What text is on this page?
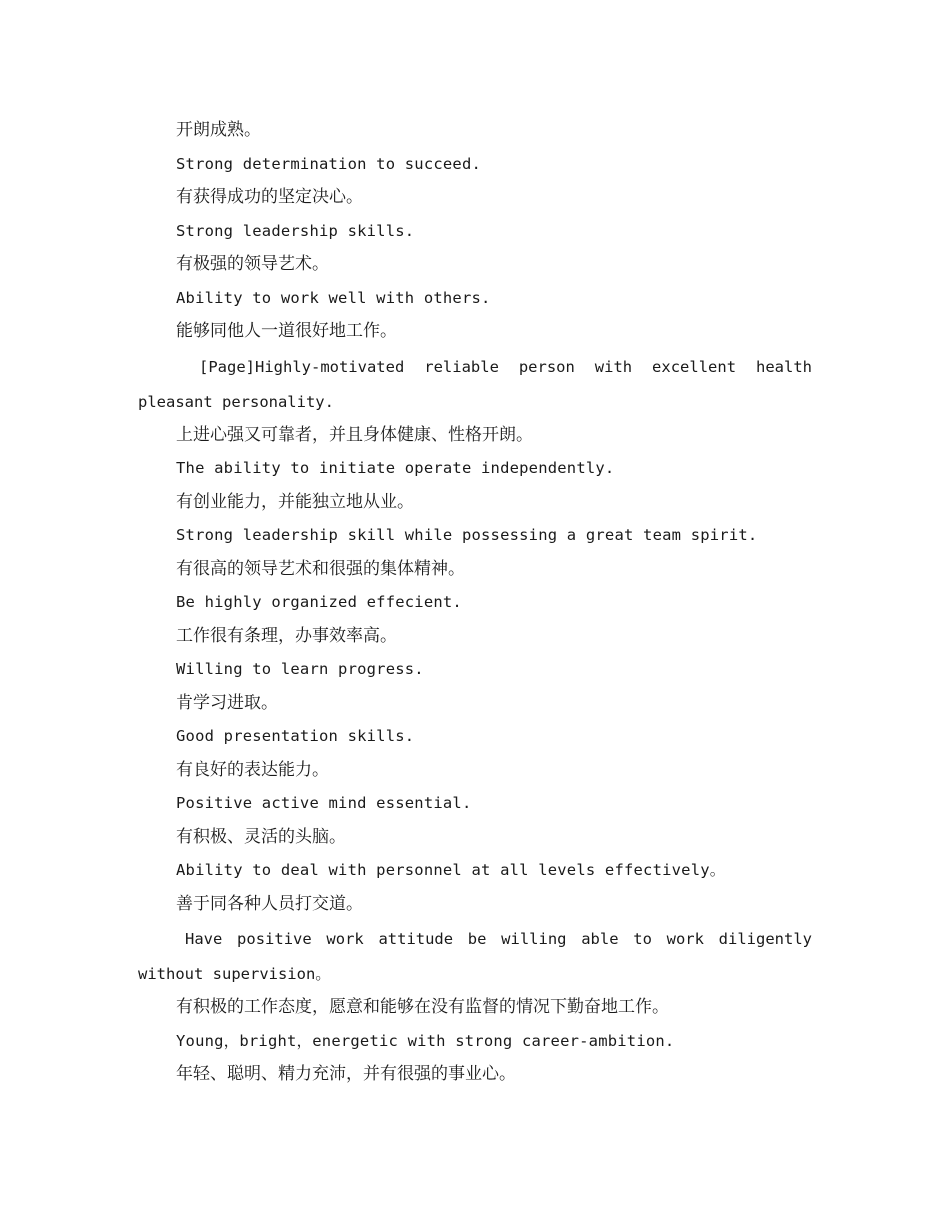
开朗成熟。

Strong determination to succeed.

有获得成功的坚定决心。

Strong leadership skills.

有极强的领导艺术。

Ability to work well with others.

能够同他人一道很好地工作。

[Page]Highly-motivated reliable person with excellent health
pleasant personality.

上进心强又可靠者，并且身体健康、性格开朗。

The ability to initiate operate independently.

有创业能力，并能独立地从业。

Strong leadership skill while possessing a great team spirit.

有很高的领导艺术和很强的集体精神。

Be highly organized effecient.

工作很有条理，办事效率高。

Willing to learn progress.

肯学习进取。

Good presentation skills.

有良好的表达能力。

Positive active mind essential.

有积极、灵活的头脑。

Ability to deal with personnel at all levels effectively。

善于同各种人员打交道。

Have positive work attitude be willing able to work diligently
without supervision。

有积极的工作态度，愿意和能够在没有监督的情况下勤奋地工作。

Young，bright，energetic with strong career-ambition.

年轻、聪明、精力充沛，并有很强的事业心。
